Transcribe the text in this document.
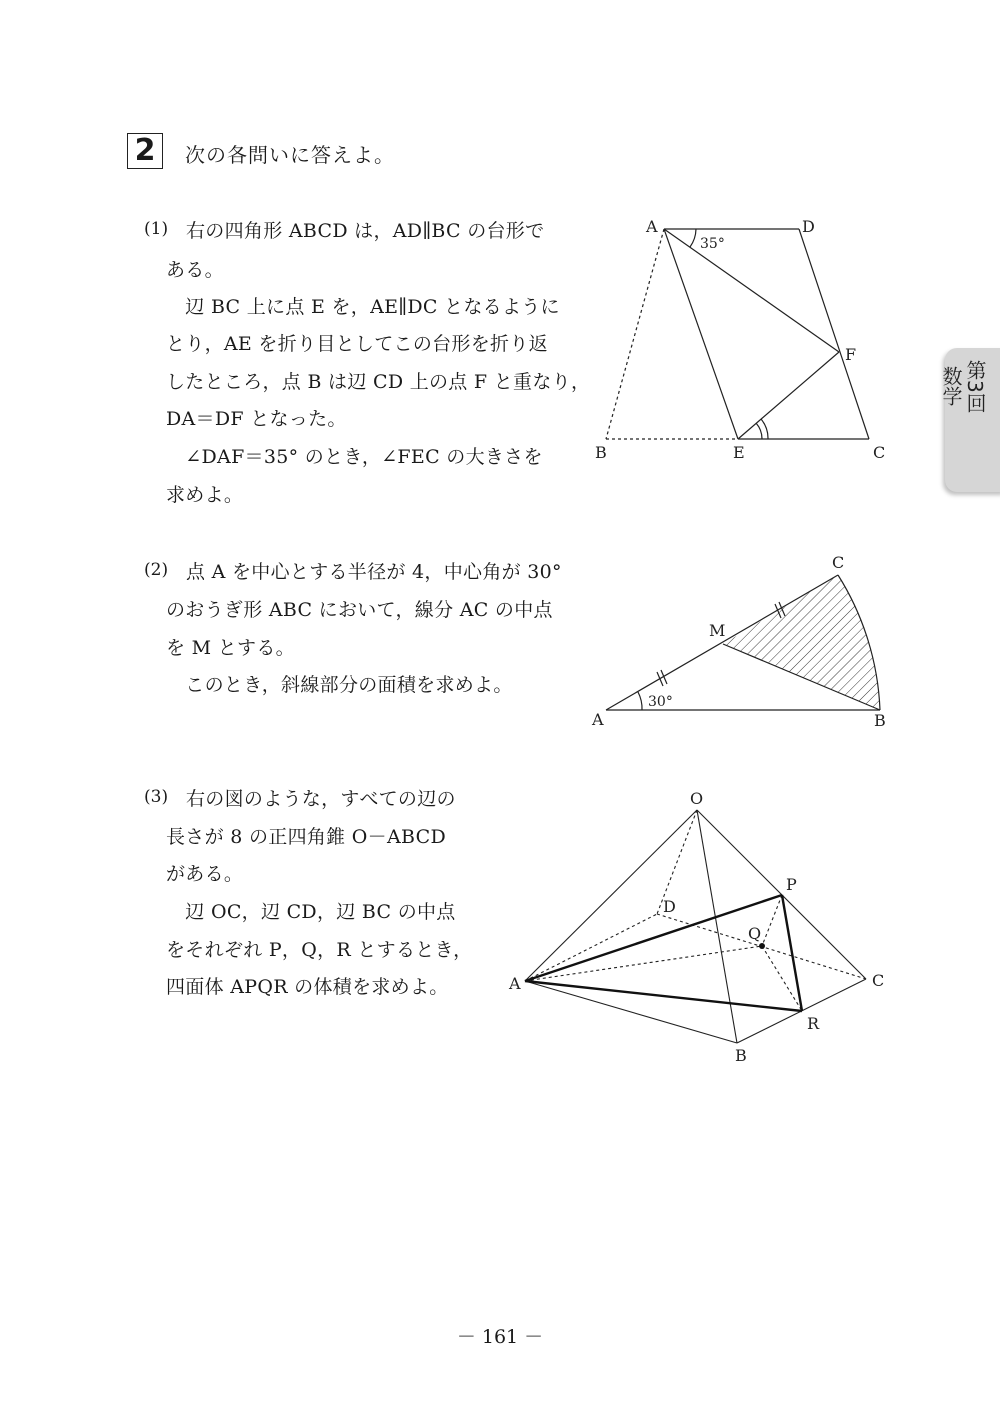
2	次の各問いに答えよ。
第3回
数学
(1) 右の四角形 ABCD は，AD∥BC の台形で
ある。
　辺 BC 上に点 E を，AE∥DC となるように
とり，AE を折り目としてこの台形を折り返
したところ，点 B は辺 CD 上の点 F と重なり，
DA＝DF となった。
　∠DAF＝35° のとき，∠FEC の大きさを
求めよ。
A	D
35°
F
B	E	C
(2) 点 A を中心とする半径が 4，中心角が 30°
のおうぎ形 ABC において，線分 AC の中点
を M とする。
　このとき，斜線部分の面積を求めよ。
30°
A	B
C
M
(3) 右の図のような，すべての辺の
長さが 8 の正四角錐 O－ABCD
がある。
　辺 OC，辺 CD，辺 BC の中点
をそれぞれ P，Q，R とするとき，
四面体 APQR の体積を求めよ。
O
A
B
C
D
P
Q
R
－ 161 －
